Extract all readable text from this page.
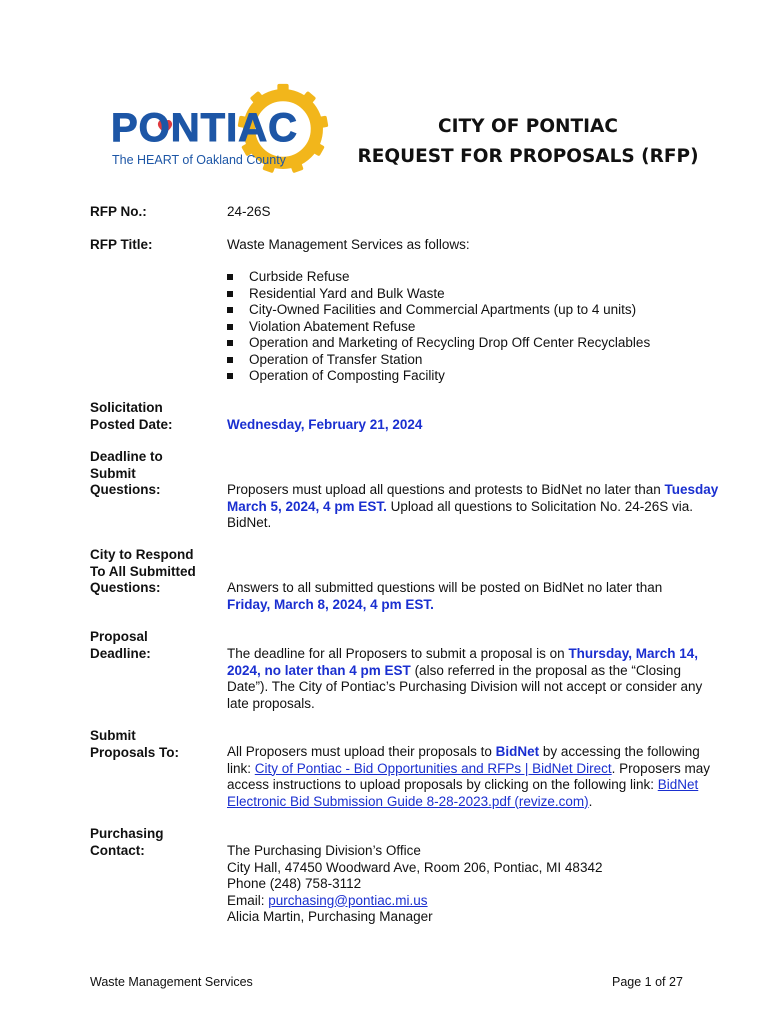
PONTIAC
The HEART of Oakland County
CITY OF PONTIAC
REQUEST FOR PROPOSALS (RFP)
RFP No.:	24-26S
RFP Title:	Waste Management Services as follows:
Curbside Refuse
Residential Yard and Bulk Waste
City-Owned Facilities and Commercial Apartments (up to 4 units)
Violation Abatement Refuse
Operation and Marketing of Recycling Drop Off Center Recyclables
Operation of Transfer Station
Operation of Composting Facility
Solicitation
Posted Date:	Wednesday, February 21, 2024
Deadline to
Submit
Questions:	Proposers must upload all questions and protests to BidNet no later than Tuesday March 5, 2024, 4 pm EST. Upload all questions to Solicitation No. 24-26S via. BidNet.
City to Respond
To All Submitted
Questions:	Answers to all submitted questions will be posted on BidNet no later than
Friday, March 8, 2024, 4 pm EST.
Proposal
Deadline:	The deadline for all Proposers to submit a proposal is on Thursday, March 14, 2024, no later than 4 pm EST (also referred in the proposal as the “Closing Date”). The City of Pontiac’s Purchasing Division will not accept or consider any late proposals.
Submit
Proposals To:	All Proposers must upload their proposals to BidNet by accessing the following link: City of Pontiac - Bid Opportunities and RFPs | BidNet Direct. Proposers may access instructions to upload proposals by clicking on the following link: BidNet Electronic Bid Submission Guide 8-28-2023.pdf (revize.com).
Purchasing
Contact:	The Purchasing Division’s Office
City Hall, 47450 Woodward Ave, Room 206, Pontiac, MI 48342
Phone (248) 758-3112
Email: purchasing@pontiac.mi.us
Alicia Martin, Purchasing Manager
Waste Management Services	Page 1 of 27
